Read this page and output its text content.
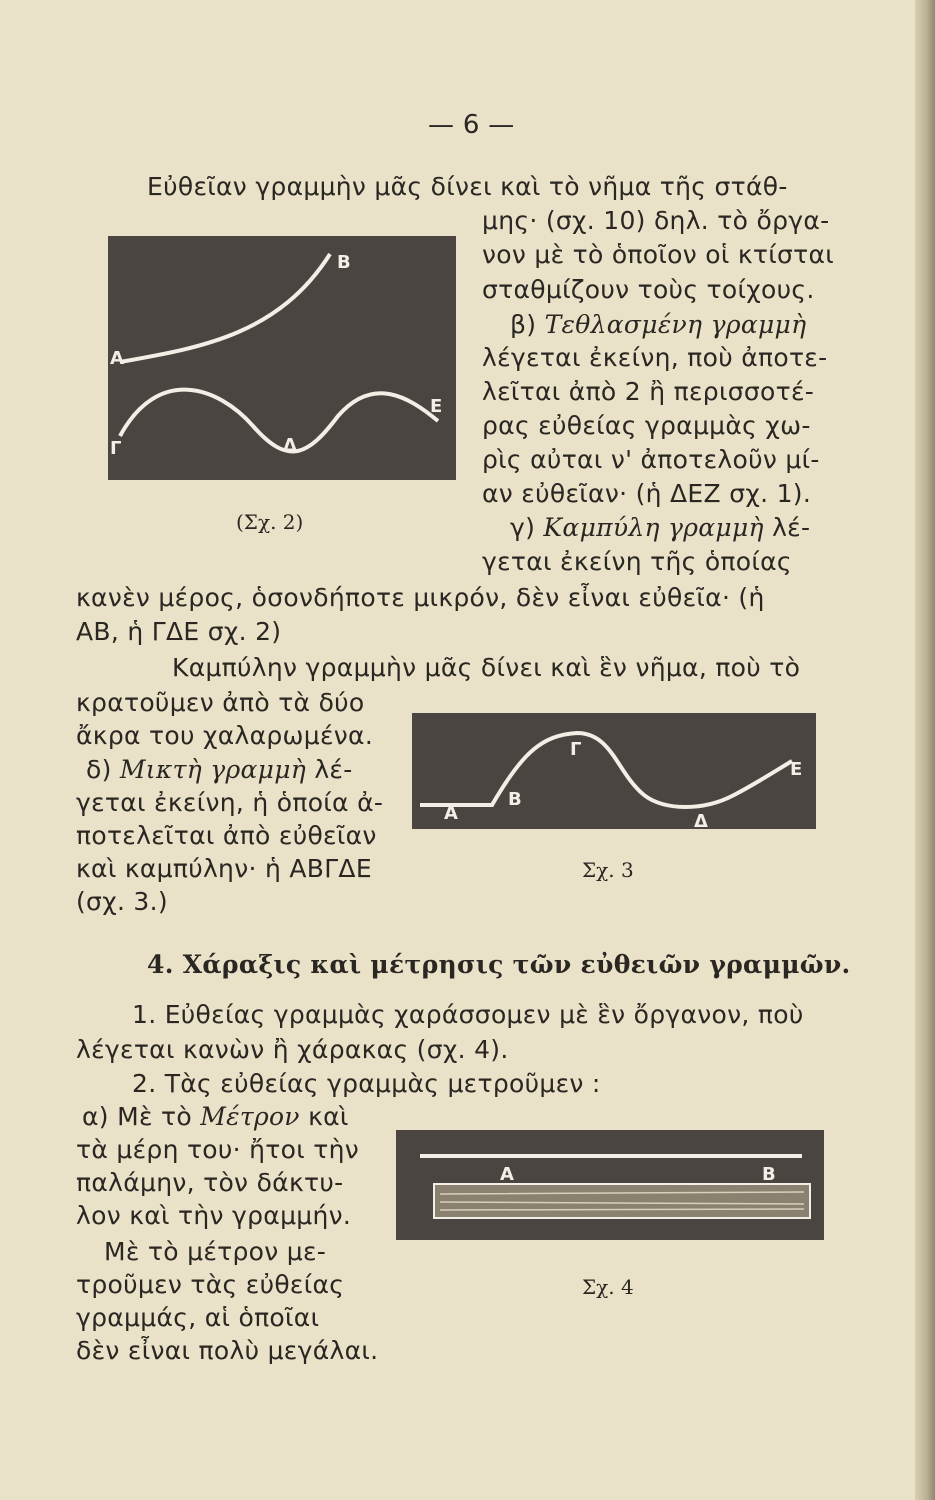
— 6 —
Εὐθεῖαν γραμμὴν μᾶς δίνει καὶ τὸ νῆμα τῆς στάθ-
μης· (σχ. 10) δηλ. τὸ ὄργα-
νον μὲ τὸ ὁποῖον οἱ κτίσται
σταθμίζουν τοὺς τοίχους.
β) Τεθλασμένη γραμμὴ
λέγεται ἐκείνη, ποὺ ἀποτε-
λεῖται ἀπὸ 2 ἢ περισσοτέ-
ρας εὐθείας γραμμὰς χω-
ρὶς αὐται ν' ἀποτελοῦν μί-
αν εὐθεῖαν· (ἡ ΔΕΖ σχ. 1).
γ) Καμπύλη γραμμὴ λέ-
γεται ἐκείνη τῆς ὁποίας
κανὲν μέρος, ὁσονδήποτε μικρόν, δὲν εἶναι εὐθεῖα· (ἡ
ΑΒ, ἡ ΓΔΕ σχ. 2)
Β
Α
Γ	Δ
Ε
(Σχ. 2)
Καμπύλην γραμμὴν μᾶς δίνει καὶ ἓν νῆμα, ποὺ τὸ
κρατοῦμεν ἀπὸ τὰ δύο
ἄκρα του χαλαρωμένα.
δ) Μικτὴ γραμμὴ λέ-
γεται ἐκείνη, ἡ ὁποία ἀ-
ποτελεῖται ἀπὸ εὐθεῖαν
καὶ καμπύλην· ἡ ΑΒΓΔΕ
(σχ. 3.)
Γ
Ε
Α
Β
Δ
Σχ. 3
4. Χάραξις καὶ μέτρησις τῶν εὐθειῶν γραμμῶν.
1. Εὐθείας γραμμὰς χαράσσομεν μὲ ἓν ὄργανον, ποὺ
λέγεται κανὼν ἢ χάρακας (σχ. 4).
2. Τὰς εὐθείας γραμμὰς μετροῦμεν :
α) Μὲ τὸ Μέτρον καὶ
τὰ μέρη του· ἤτοι τὴν
παλάμην, τὸν δάκτυ-
λον καὶ τὴν γραμμήν.
Α	Β
Σχ. 4
Μὲ τὸ μέτρον με-
τροῦμεν τὰς εὐθείας
γραμμάς, αἱ ὁποῖαι
δὲν εἶναι πολὺ μεγάλαι.
